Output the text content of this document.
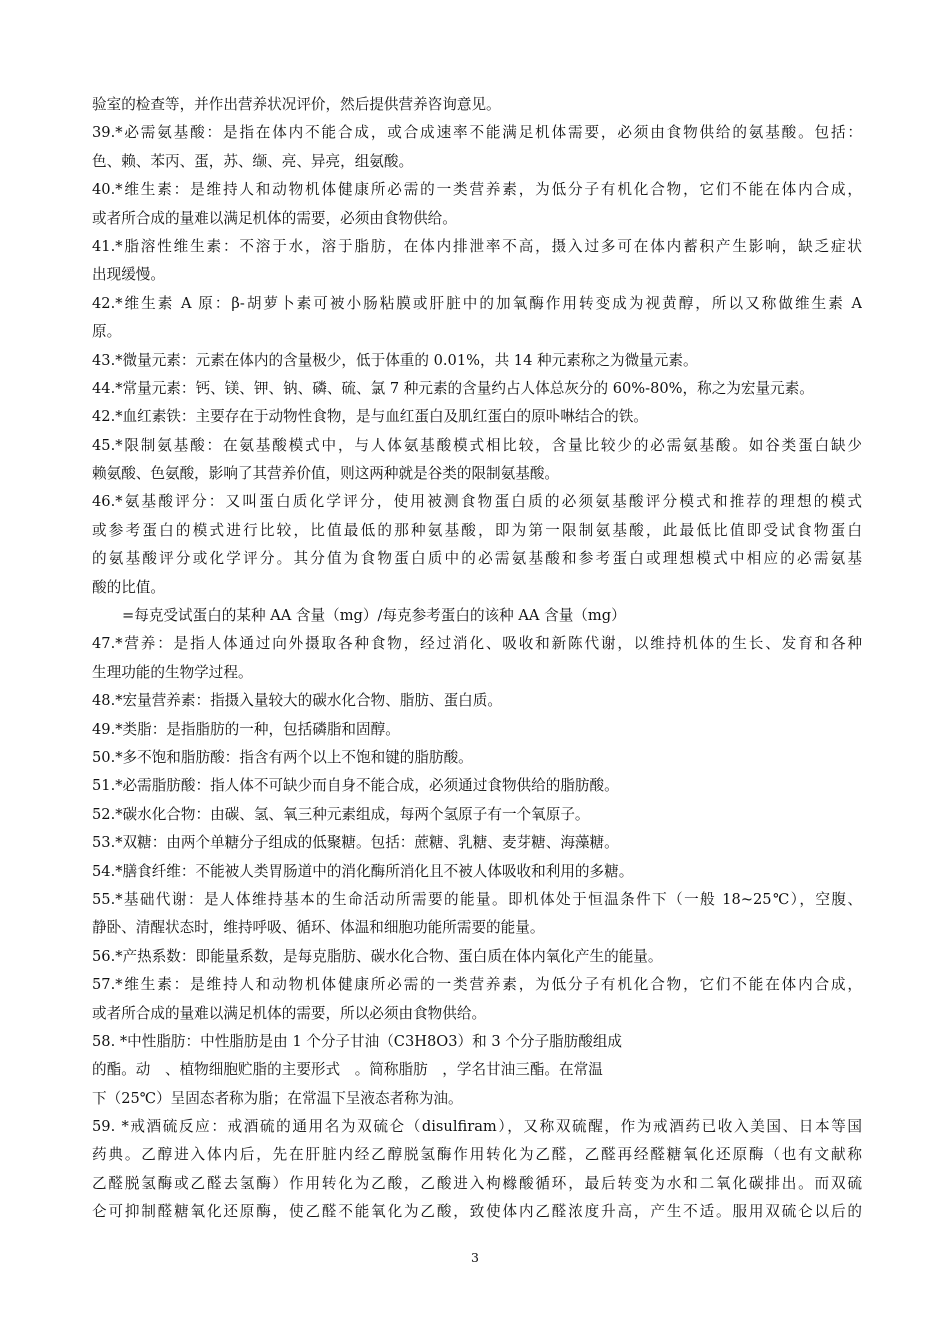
验室的检查等，并作出营养状况评价，然后提供营养咨询意见。
39.*必需氨基酸：是指在体内不能合成，或合成速率不能满足机体需要，必须由食物供给的氨基酸。包括：
色、赖、苯丙、蛋，苏、缬、亮、异亮，组氨酸。
40.*维生素：是维持人和动物机体健康所必需的一类营养素，为低分子有机化合物，它们不能在体内合成，
或者所合成的量难以满足机体的需要，必须由食物供给。
41.*脂溶性维生素：不溶于水，溶于脂肪，在体内排泄率不高，摄入过多可在体内蓄积产生影响，缺乏症状
出现缓慢。
42.*维生素 A 原：β-胡萝卜素可被小肠粘膜或肝脏中的加氧酶作用转变成为视黄醇，所以又称做维生素 A
原。
43.*微量元素：元素在体内的含量极少，低于体重的 0.01%，共 14 种元素称之为微量元素。
44.*常量元素：钙、镁、钾、钠、磷、硫、氯 7 种元素的含量约占人体总灰分的 60%-80%，称之为宏量元素。
42.*血红素铁：主要存在于动物性食物，是与血红蛋白及肌红蛋白的原卟啉结合的铁。
45.*限制氨基酸：在氨基酸模式中，与人体氨基酸模式相比较，含量比较少的必需氨基酸。如谷类蛋白缺少
赖氨酸、色氨酸，影响了其营养价值，则这两种就是谷类的限制氨基酸。
46.*氨基酸评分：又叫蛋白质化学评分，使用被测食物蛋白质的必须氨基酸评分模式和推荐的理想的模式
或参考蛋白的模式进行比较，比值最低的那种氨基酸，即为第一限制氨基酸，此最低比值即受试食物蛋白
的氨基酸评分或化学评分。其分值为食物蛋白质中的必需氨基酸和参考蛋白或理想模式中相应的必需氨基
酸的比值。
=每克受试蛋白的某种 AA 含量（mg）/每克参考蛋白的该种 AA 含量（mg）
47.*营养：是指人体通过向外摄取各种食物，经过消化、吸收和新陈代谢，以维持机体的生长、发育和各种
生理功能的生物学过程。
48.*宏量营养素：指摄入量较大的碳水化合物、脂肪、蛋白质。
49.*类脂：是指脂肪的一种，包括磷脂和固醇。
50.*多不饱和脂肪酸：指含有两个以上不饱和键的脂肪酸。
51.*必需脂肪酸：指人体不可缺少而自身不能合成，必须通过食物供给的脂肪酸。
52.*碳水化合物：由碳、氢、氧三种元素组成，每两个氢原子有一个氧原子。
53.*双糖：由两个单糖分子组成的低聚糖。包括：蔗糖、乳糖、麦芽糖、海藻糖。
54.*膳食纤维：不能被人类胃肠道中的消化酶所消化且不被人体吸收和利用的多糖。
55.*基础代谢：是人体维持基本的生命活动所需要的能量。即机体处于恒温条件下（一般 18~25℃），空腹、
静卧、清醒状态时，维持呼吸、循环、体温和细胞功能所需要的能量。
56.*产热系数：即能量系数，是每克脂肪、碳水化合物、蛋白质在体内氧化产生的能量。
57.*维生素：是维持人和动物机体健康所必需的一类营养素，为低分子有机化合物，它们不能在体内合成，
或者所合成的量难以满足机体的需要，所以必须由食物供给。
58. *中性脂肪：中性脂肪是由 1 个分子甘油（C3H8O3）和 3 个分子脂肪酸组成
的酯。动　、植物细胞贮脂的主要形式　。简称脂肪　，学名甘油三酯。在常温
下（25℃）呈固态者称为脂；在常温下呈液态者称为油。
59. *戒酒硫反应：戒酒硫的通用名为双硫仑（disulfiram），又称双硫醒，作为戒酒药已收入美国、日本等国
药典。乙醇进入体内后，先在肝脏内经乙醇脱氢酶作用转化为乙醛，乙醛再经醛糖氧化还原酶（也有文献称
乙醛脱氢酶或乙醛去氢酶）作用转化为乙酸，乙酸进入枸橼酸循环，最后转变为水和二氧化碳排出。而双硫
仑可抑制醛糖氧化还原酶，使乙醛不能氧化为乙酸，致使体内乙醛浓度升高，产生不适。服用双硫仑以后的
3
